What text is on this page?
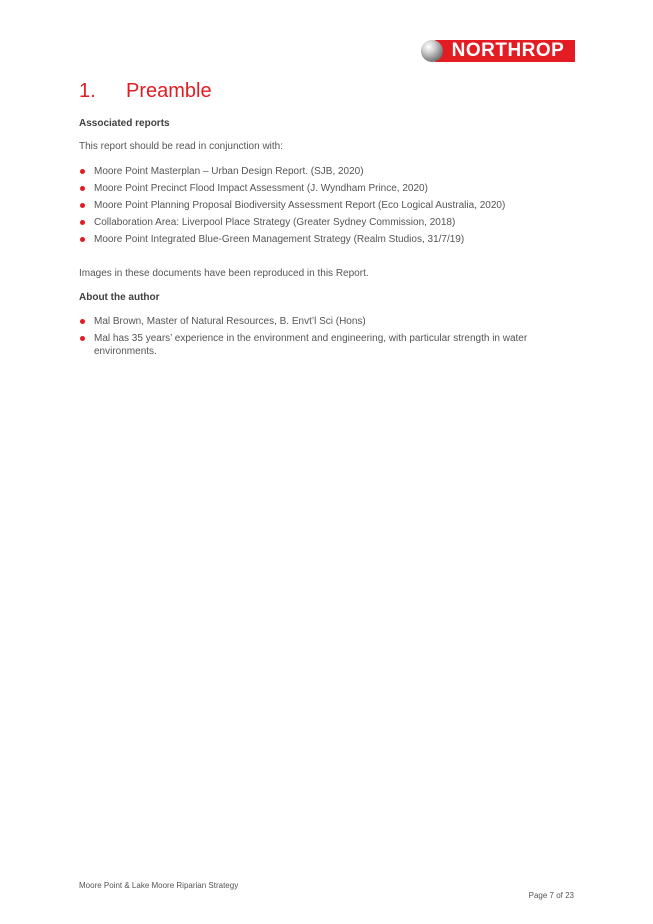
NORTHROP
1. Preamble

Associated reports

This report should be read in conjunction with:

Moore Point Masterplan – Urban Design Report. (SJB, 2020)
Moore Point Precinct Flood Impact Assessment (J. Wyndham Prince, 2020)
Moore Point Planning Proposal Biodiversity Assessment Report (Eco Logical Australia, 2020)
Collaboration Area: Liverpool Place Strategy (Greater Sydney Commission, 2018)
Moore Point Integrated Blue-Green Management Strategy (Realm Studios, 31/7/19)

Images in these documents have been reproduced in this Report.

About the author

Mal Brown, Master of Natural Resources, B. Envt’l Sci (Hons)
Mal has 35 years’ experience in the environment and engineering, with particular strength in water environments.
Moore Point & Lake Moore Riparian Strategy
Page 7 of 23
